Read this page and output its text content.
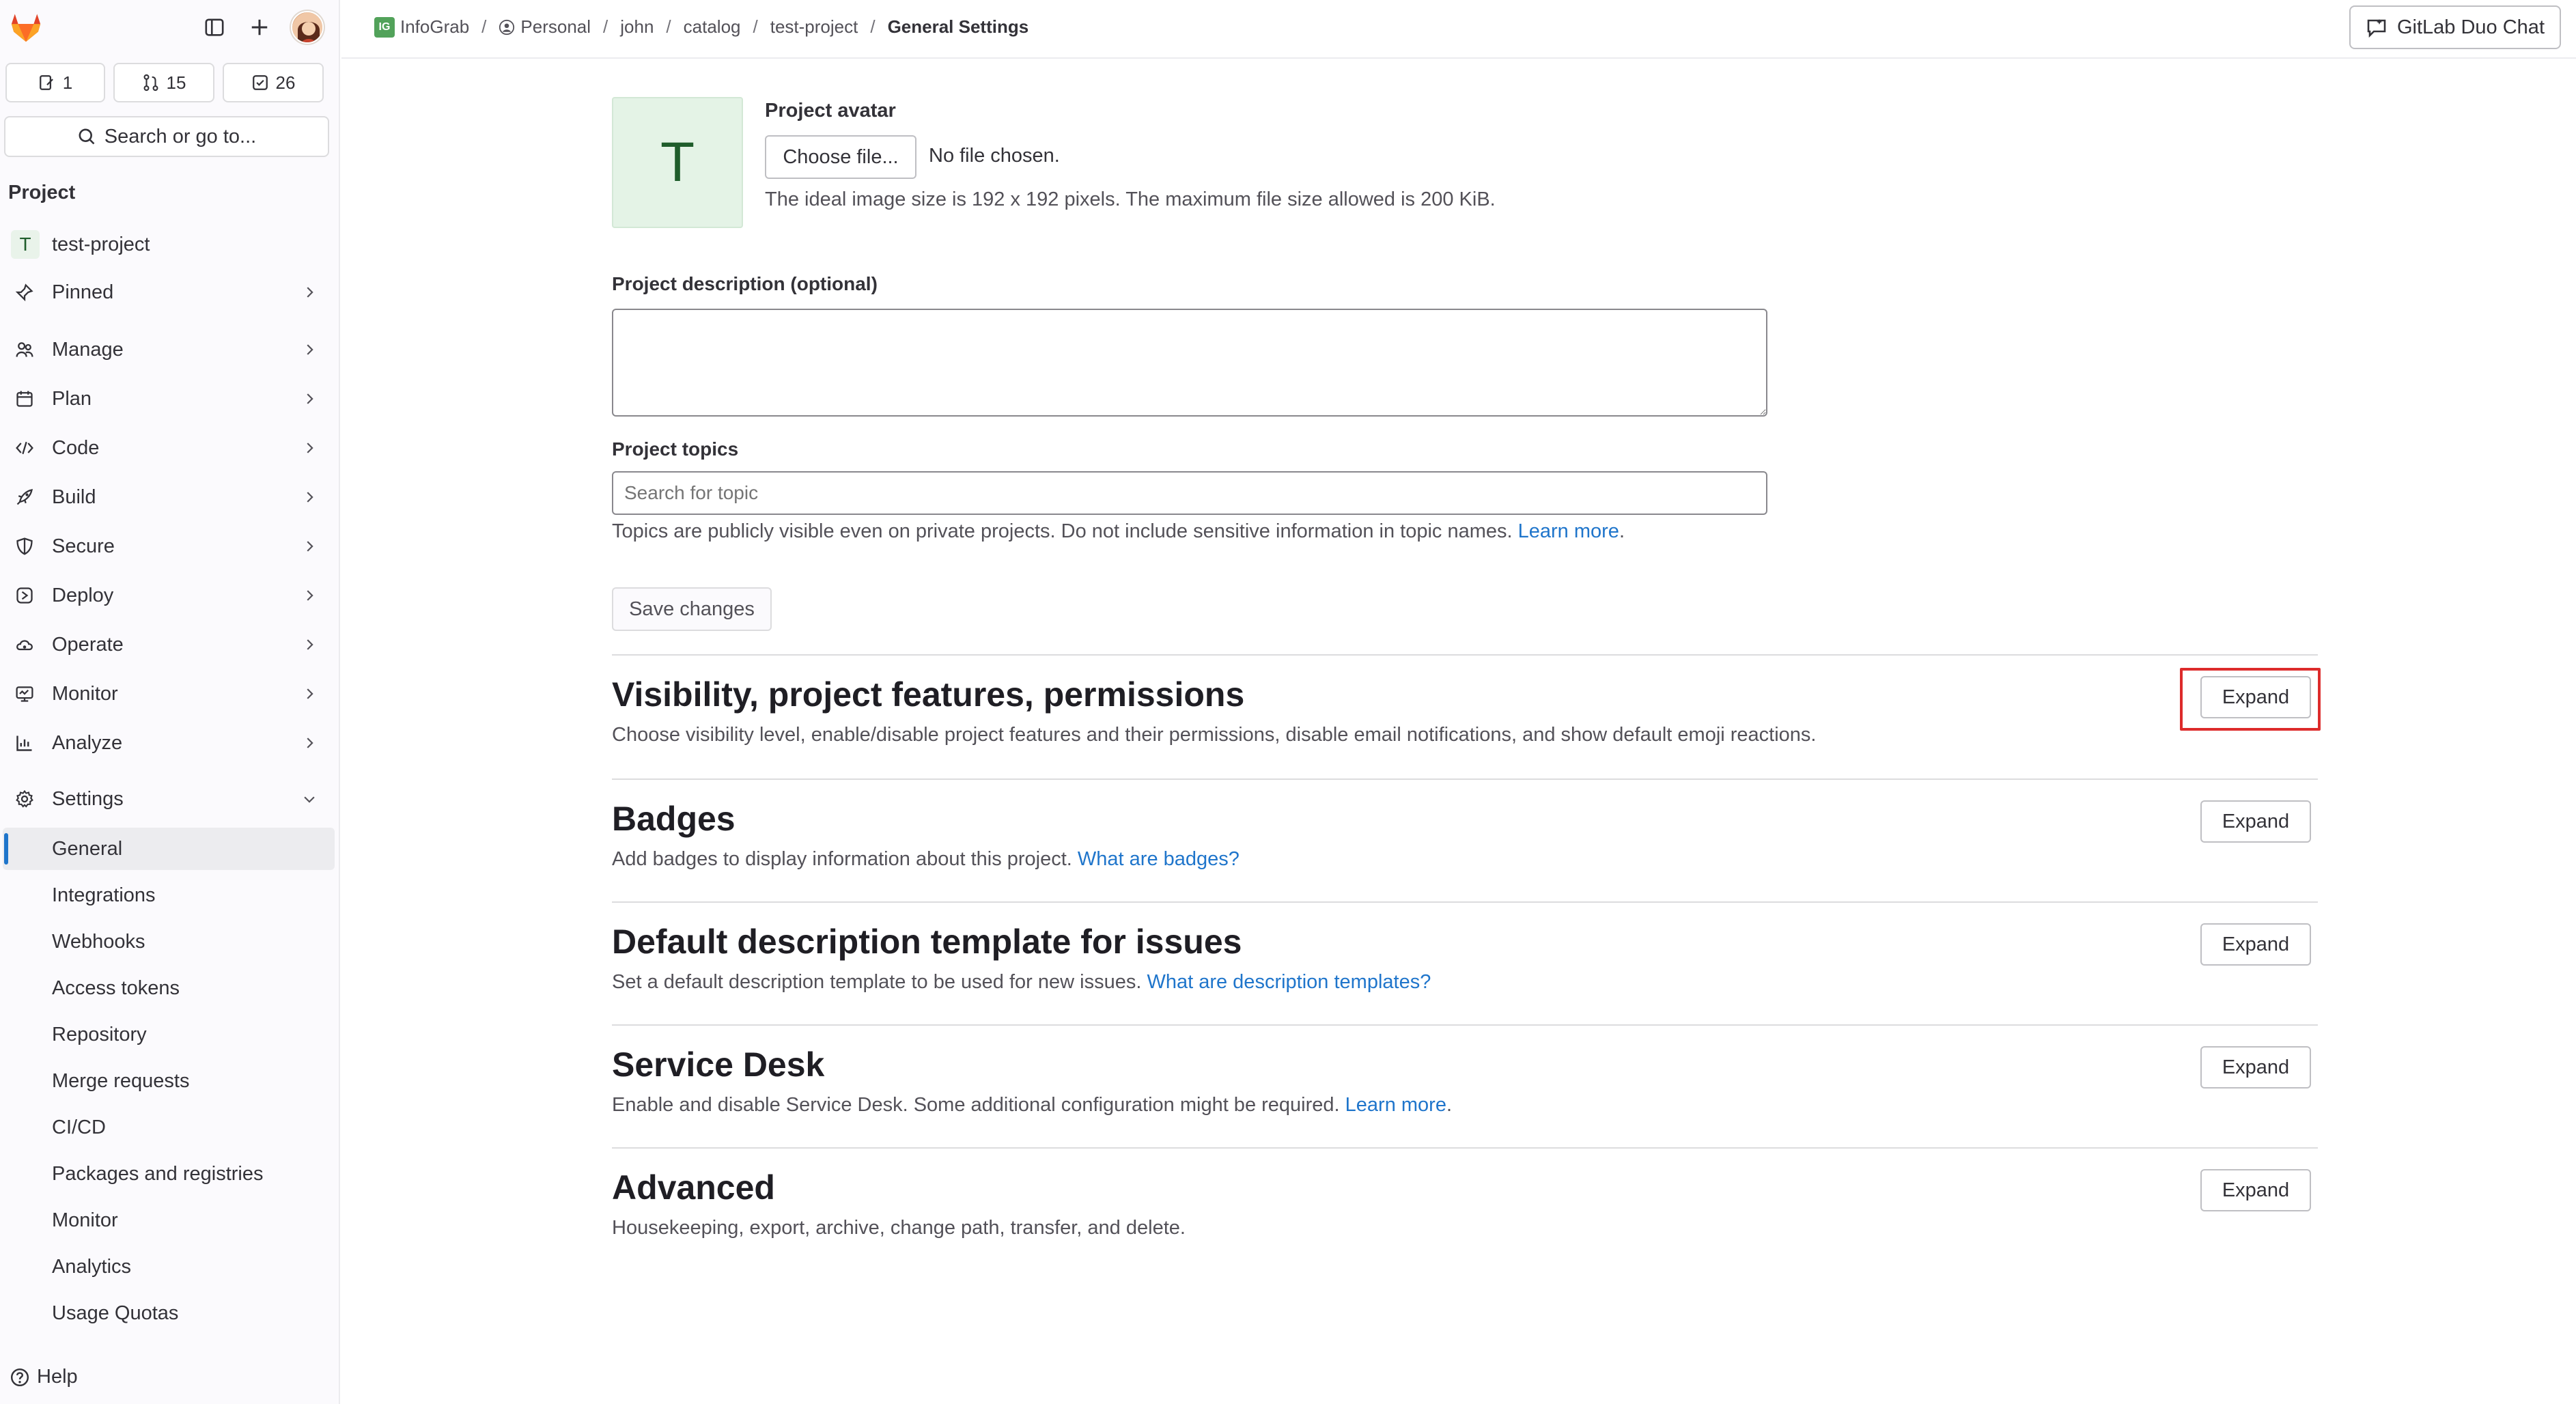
1	15	26
Search or go to...
Project
T	test-project
Pinned
Manage
Plan
Code
Build
Secure
Deploy
Operate
Monitor
Analyze
Settings
General
Integrations
Webhooks
Access tokens
Repository
Merge requests
CI/CD
Packages and registries
Monitor
Analytics
Usage Quotas
Help
IG InfoGrab / Personal / john / catalog / test-project / General Settings	GitLab Duo Chat
T
Project avatar
Choose file...	No file chosen.
The ideal image size is 192 x 192 pixels. The maximum file size allowed is 200 KiB.
Project description (optional)
Project topics
Search for topic
Topics are publicly visible even on private projects. Do not include sensitive information in topic names. Learn more.
Save changes
Visibility, project features, permissions

Choose visibility level, enable/disable project features and their permissions, disable email notifications, and show default emoji reactions.

Expand
Badges

Add badges to display information about this project. What are badges?

Expand
Default description template for issues

Set a default description template to be used for new issues. What are description templates?

Expand
Service Desk

Enable and disable Service Desk. Some additional configuration might be required. Learn more.

Expand
Advanced

Housekeeping, export, archive, change path, transfer, and delete.

Expand
